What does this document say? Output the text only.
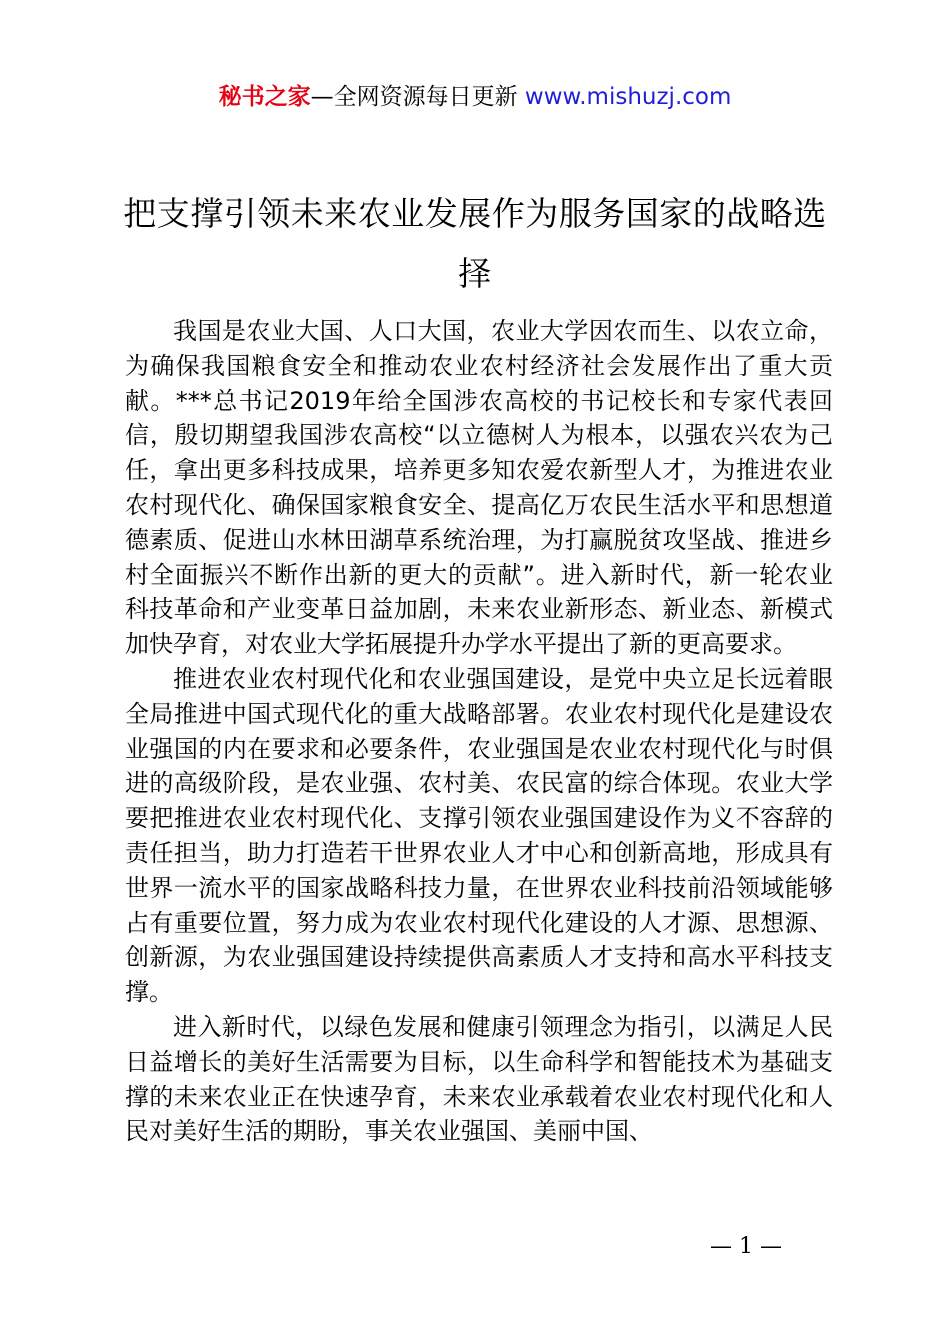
秘书之家—全网资源每日更新 www.mishuzj.com
把支撑引领未来农业发展作为服务国家的战略选择

我国是农业大国、人口大国，农业大学因农而生、以农立命，为确保我国粮食安全和推动农业农村经济社会发展作出了重大贡献。***总书记2019年给全国涉农高校的书记校长和专家代表回信，殷切期望我国涉农高校“以立德树人为根本，以强农兴农为己任，拿出更多科技成果，培养更多知农爱农新型人才，为推进农业农村现代化、确保国家粮食安全、提高亿万农民生活水平和思想道德素质、促进山水林田湖草系统治理，为打赢脱贫攻坚战、推进乡村全面振兴不断作出新的更大的贡献”。进入新时代，新一轮农业科技革命和产业变革日益加剧，未来农业新形态、新业态、新模式加快孕育，对农业大学拓展提升办学水平提出了新的更高要求。

推进农业农村现代化和农业强国建设，是党中央立足长远着眼全局推进中国式现代化的重大战略部署。农业农村现代化是建设农业强国的内在要求和必要条件，农业强国是农业农村现代化与时俱进的高级阶段，是农业强、农村美、农民富的综合体现。农业大学要把推进农业农村现代化、支撑引领农业强国建设作为义不容辞的责任担当，助力打造若干世界农业人才中心和创新高地，形成具有世界一流水平的国家战略科技力量，在世界农业科技前沿领域能够占有重要位置，努力成为农业农村现代化建设的人才源、思想源、创新源，为农业强国建设持续提供高素质人才支持和高水平科技支撑。

进入新时代，以绿色发展和健康引领理念为指引，以满足人民日益增长的美好生活需要为目标，以生命科学和智能技术为基础支撑的未来农业正在快速孕育，未来农业承载着农业农村现代化和人民对美好生活的期盼，事关农业强国、美丽中国、

— 1 —
